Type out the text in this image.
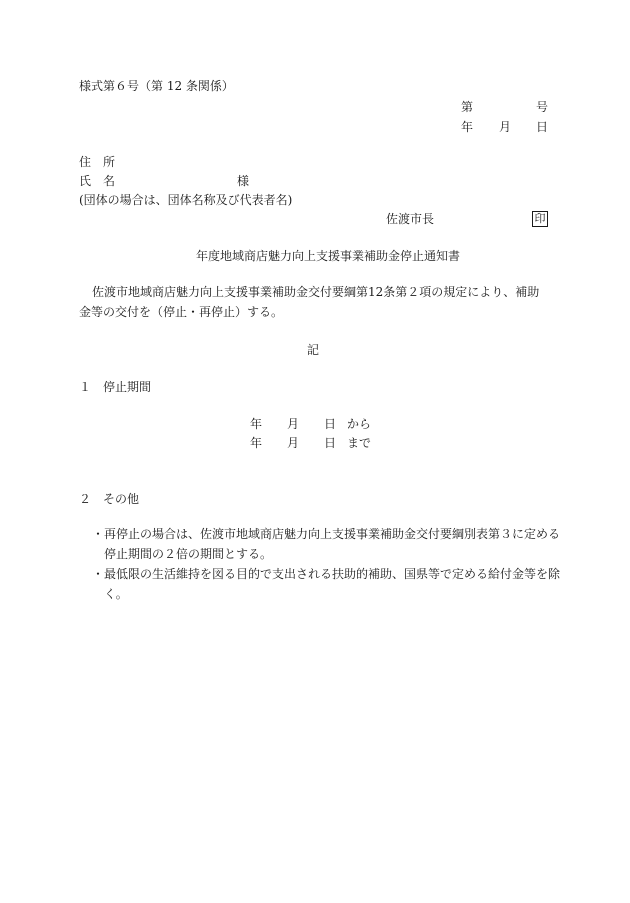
様式第６号（第 12 条関係）
第	号
年 月 日
住　所
氏　名	様
(団体の場合は、団体名称及び代表者名)
佐渡市長	印
年度地域商店魅力向上支援事業補助金停止通知書
佐渡市地域商店魅力向上支援事業補助金交付要綱第12条第２項の規定により、補助金等の交付を（停止・再停止）する。
記
１　停止期間
年 月 日 から
年 月 日 まで
２　その他
・再停止の場合は、佐渡市地域商店魅力向上支援事業補助金交付要綱別表第３に定める停止期間の２倍の期間とする。
・最低限の生活維持を図る目的で支出される扶助的補助、国県等で定める給付金等を除く。
